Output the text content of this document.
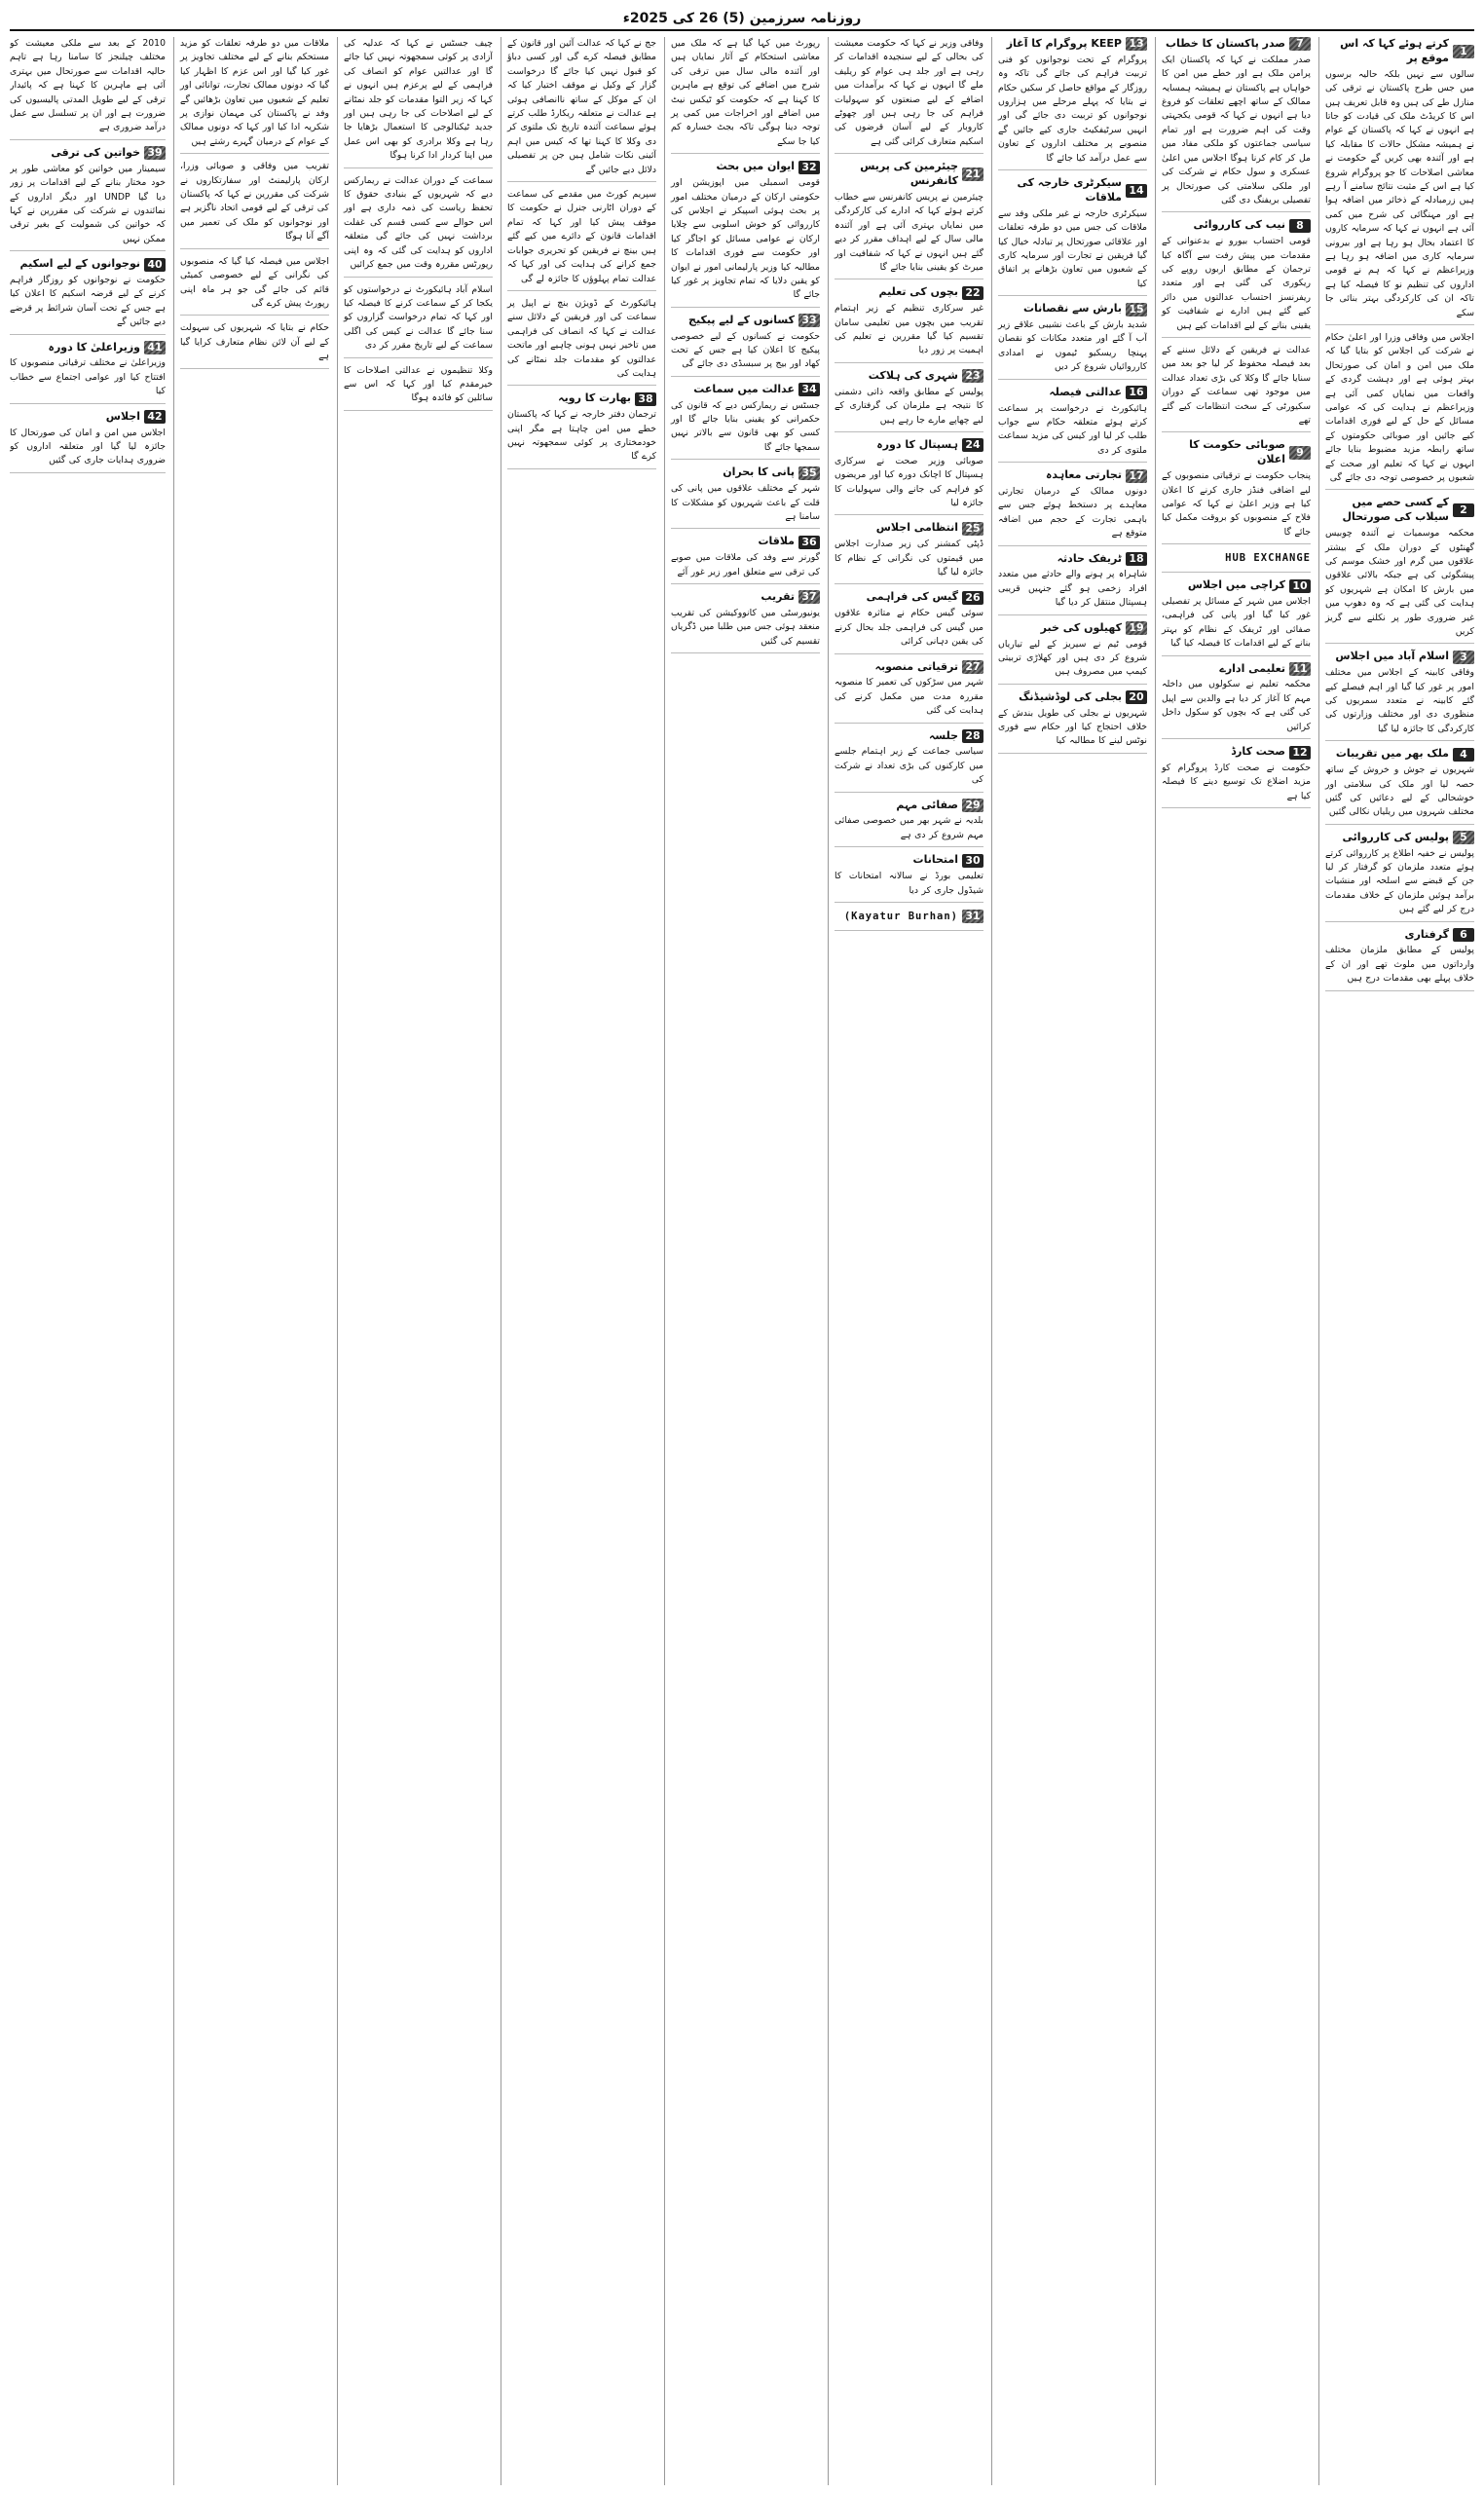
روزنامہ سرزمین (5) 26 کی 2025ء
1
کرتے ہوئے کہا کہ اس موقع پر
سالوں سے نہیں بلکہ حالیہ برسوں میں جس طرح پاکستان نے ترقی کی منازل طے کی ہیں وہ قابل تعریف ہیں اس کا کریڈٹ ملک کی قیادت کو جاتا ہے انہوں نے کہا کہ پاکستان کے عوام نے ہمیشہ مشکل حالات کا مقابلہ کیا ہے اور آئندہ بھی کریں گے حکومت نے معاشی اصلاحات کا جو پروگرام شروع کیا ہے اس کے مثبت نتائج سامنے آ رہے ہیں زرمبادلہ کے ذخائر میں اضافہ ہوا ہے اور مہنگائی کی شرح میں کمی آئی ہے انہوں نے کہا کہ سرمایہ کاروں کا اعتماد بحال ہو رہا ہے اور بیرونی سرمایہ کاری میں اضافہ ہو رہا ہے وزیراعظم نے کہا کہ ہم نے قومی اداروں کی تنظیم نو کا فیصلہ کیا ہے تاکہ ان کی کارکردگی بہتر بنائی جا سکے
اجلاس میں وفاقی وزرا اور اعلیٰ حکام نے شرکت کی اجلاس کو بتایا گیا کہ ملک میں امن و امان کی صورتحال بہتر ہوئی ہے اور دہشت گردی کے واقعات میں نمایاں کمی آئی ہے وزیراعظم نے ہدایت کی کہ عوامی مسائل کے حل کے لیے فوری اقدامات کیے جائیں اور صوبائی حکومتوں کے ساتھ رابطہ مزید مضبوط بنایا جائے انہوں نے کہا کہ تعلیم اور صحت کے شعبوں پر خصوصی توجہ دی جائے گی
2
کے کسی حصے میں سیلاب کی صورتحال
محکمہ موسمیات نے آئندہ چوبیس گھنٹوں کے دوران ملک کے بیشتر علاقوں میں گرم اور خشک موسم کی پیشگوئی کی ہے جبکہ بالائی علاقوں میں بارش کا امکان ہے شہریوں کو ہدایت کی گئی ہے کہ وہ دھوپ میں غیر ضروری طور پر نکلنے سے گریز کریں
3
اسلام آباد میں اجلاس
وفاقی کابینہ کے اجلاس میں مختلف امور پر غور کیا گیا اور اہم فیصلے کیے گئے کابینہ نے متعدد سمریوں کی منظوری دی اور مختلف وزارتوں کی کارکردگی کا جائزہ لیا گیا
4
ملک بھر میں تقریبات
شہریوں نے جوش و خروش کے ساتھ حصہ لیا اور ملک کی سلامتی اور خوشحالی کے لیے دعائیں کی گئیں مختلف شہروں میں ریلیاں نکالی گئیں
5
پولیس کی کارروائی
پولیس نے خفیہ اطلاع پر کارروائی کرتے ہوئے متعدد ملزمان کو گرفتار کر لیا جن کے قبضے سے اسلحہ اور منشیات برآمد ہوئیں ملزمان کے خلاف مقدمات درج کر لیے گئے ہیں
6
گرفتاری
پولیس کے مطابق ملزمان مختلف وارداتوں میں ملوث تھے اور ان کے خلاف پہلے بھی مقدمات درج ہیں
7
صدر پاکستان کا خطاب
صدر مملکت نے کہا کہ پاکستان ایک پرامن ملک ہے اور خطے میں امن کا خواہاں ہے پاکستان نے ہمیشہ ہمسایہ ممالک کے ساتھ اچھے تعلقات کو فروغ دیا ہے انہوں نے کہا کہ قومی یکجہتی وقت کی اہم ضرورت ہے اور تمام سیاسی جماعتوں کو ملکی مفاد میں مل کر کام کرنا ہوگا اجلاس میں اعلیٰ عسکری و سول حکام نے شرکت کی اور ملکی سلامتی کی صورتحال پر تفصیلی بریفنگ دی گئی
8
نیب کی کارروائی
قومی احتساب بیورو نے بدعنوانی کے مقدمات میں پیش رفت سے آگاہ کیا ترجمان کے مطابق اربوں روپے کی ریکوری کی گئی ہے اور متعدد ریفرنسز احتساب عدالتوں میں دائر کیے گئے ہیں ادارے نے شفافیت کو یقینی بنانے کے لیے اقدامات کیے ہیں
عدالت نے فریقین کے دلائل سننے کے بعد فیصلہ محفوظ کر لیا جو بعد میں سنایا جائے گا وکلا کی بڑی تعداد عدالت میں موجود تھی سماعت کے دوران سکیورٹی کے سخت انتظامات کیے گئے تھے
9
صوبائی حکومت کا اعلان
پنجاب حکومت نے ترقیاتی منصوبوں کے لیے اضافی فنڈز جاری کرنے کا اعلان کیا ہے وزیر اعلیٰ نے کہا کہ عوامی فلاح کے منصوبوں کو بروقت مکمل کیا جائے گا
HUB EXCHANGE
10
کراچی میں اجلاس
اجلاس میں شہر کے مسائل پر تفصیلی غور کیا گیا اور پانی کی فراہمی، صفائی اور ٹریفک کے نظام کو بہتر بنانے کے لیے اقدامات کا فیصلہ کیا گیا
11
تعلیمی ادارے
محکمہ تعلیم نے سکولوں میں داخلہ مہم کا آغاز کر دیا ہے والدین سے اپیل کی گئی ہے کہ بچوں کو سکول داخل کرائیں
12
صحت کارڈ
حکومت نے صحت کارڈ پروگرام کو مزید اضلاع تک توسیع دینے کا فیصلہ کیا ہے
13
KEEP پروگرام کا آغاز
پروگرام کے تحت نوجوانوں کو فنی تربیت فراہم کی جائے گی تاکہ وہ روزگار کے مواقع حاصل کر سکیں حکام نے بتایا کہ پہلے مرحلے میں ہزاروں نوجوانوں کو تربیت دی جائے گی اور انہیں سرٹیفکیٹ جاری کیے جائیں گے منصوبے پر مختلف اداروں کے تعاون سے عمل درآمد کیا جائے گا
14
سیکرٹری خارجہ کی ملاقات
سیکرٹری خارجہ نے غیر ملکی وفد سے ملاقات کی جس میں دو طرفہ تعلقات اور علاقائی صورتحال پر تبادلہ خیال کیا گیا فریقین نے تجارت اور سرمایہ کاری کے شعبوں میں تعاون بڑھانے پر اتفاق کیا
15
بارش سے نقصانات
شدید بارش کے باعث نشیبی علاقے زیر آب آ گئے اور متعدد مکانات کو نقصان پہنچا ریسکیو ٹیموں نے امدادی کارروائیاں شروع کر دیں
16
عدالتی فیصلہ
ہائیکورٹ نے درخواست پر سماعت کرتے ہوئے متعلقہ حکام سے جواب طلب کر لیا اور کیس کی مزید سماعت ملتوی کر دی
17
تجارتی معاہدہ
دونوں ممالک کے درمیان تجارتی معاہدے پر دستخط ہوئے جس سے باہمی تجارت کے حجم میں اضافہ متوقع ہے
18
ٹریفک حادثہ
شاہراہ پر ہونے والے حادثے میں متعدد افراد زخمی ہو گئے جنہیں قریبی ہسپتال منتقل کر دیا گیا
19
کھیلوں کی خبر
قومی ٹیم نے سیریز کے لیے تیاریاں شروع کر دی ہیں اور کھلاڑی تربیتی کیمپ میں مصروف ہیں
20
بجلی کی لوڈشیڈنگ
شہریوں نے بجلی کی طویل بندش کے خلاف احتجاج کیا اور حکام سے فوری نوٹس لینے کا مطالبہ کیا
وفاقی وزیر نے کہا کہ حکومت معیشت کی بحالی کے لیے سنجیدہ اقدامات کر رہی ہے اور جلد ہی عوام کو ریلیف ملے گا انہوں نے کہا کہ برآمدات میں اضافے کے لیے صنعتوں کو سہولیات فراہم کی جا رہی ہیں اور چھوٹے کاروبار کے لیے آسان قرضوں کی اسکیم متعارف کرائی گئی ہے
21
چیئرمین کی پریس کانفرنس
چیئرمین نے پریس کانفرنس سے خطاب کرتے ہوئے کہا کہ ادارے کی کارکردگی میں نمایاں بہتری آئی ہے اور آئندہ مالی سال کے لیے اہداف مقرر کر دیے گئے ہیں انہوں نے کہا کہ شفافیت اور میرٹ کو یقینی بنایا جائے گا
22
بچوں کی تعلیم
غیر سرکاری تنظیم کے زیر اہتمام تقریب میں بچوں میں تعلیمی سامان تقسیم کیا گیا مقررین نے تعلیم کی اہمیت پر زور دیا
23
شہری کی ہلاکت
پولیس کے مطابق واقعہ ذاتی دشمنی کا نتیجہ ہے ملزمان کی گرفتاری کے لیے چھاپے مارے جا رہے ہیں
24
ہسپتال کا دورہ
صوبائی وزیر صحت نے سرکاری ہسپتال کا اچانک دورہ کیا اور مریضوں کو فراہم کی جانے والی سہولیات کا جائزہ لیا
25
انتظامی اجلاس
ڈپٹی کمشنر کی زیر صدارت اجلاس میں قیمتوں کی نگرانی کے نظام کا جائزہ لیا گیا
26
گیس کی فراہمی
سوئی گیس حکام نے متاثرہ علاقوں میں گیس کی فراہمی جلد بحال کرنے کی یقین دہانی کرائی
27
ترقیاتی منصوبہ
شہر میں سڑکوں کی تعمیر کا منصوبہ مقررہ مدت میں مکمل کرنے کی ہدایت کی گئی
28
جلسہ
سیاسی جماعت کے زیر اہتمام جلسے میں کارکنوں کی بڑی تعداد نے شرکت کی
29
صفائی مہم
بلدیہ نے شہر بھر میں خصوصی صفائی مہم شروع کر دی ہے
30
امتحانات
تعلیمی بورڈ نے سالانہ امتحانات کا شیڈول جاری کر دیا
31
(Kayatur Burhan)
رپورٹ میں کہا گیا ہے کہ ملک میں معاشی استحکام کے آثار نمایاں ہیں اور آئندہ مالی سال میں ترقی کی شرح میں اضافے کی توقع ہے ماہرین کا کہنا ہے کہ حکومت کو ٹیکس نیٹ میں اضافے اور اخراجات میں کمی پر توجہ دینا ہوگی تاکہ بجٹ خسارہ کم کیا جا سکے
32
ایوان میں بحث
قومی اسمبلی میں اپوزیشن اور حکومتی ارکان کے درمیان مختلف امور پر بحث ہوئی اسپیکر نے اجلاس کی کارروائی کو خوش اسلوبی سے چلایا ارکان نے عوامی مسائل کو اجاگر کیا اور حکومت سے فوری اقدامات کا مطالبہ کیا وزیر پارلیمانی امور نے ایوان کو یقین دلایا کہ تمام تجاویز پر غور کیا جائے گا
33
کسانوں کے لیے پیکیج
حکومت نے کسانوں کے لیے خصوصی پیکیج کا اعلان کیا ہے جس کے تحت کھاد اور بیج پر سبسڈی دی جائے گی
34
عدالت میں سماعت
جسٹس نے ریمارکس دیے کہ قانون کی حکمرانی کو یقینی بنایا جائے گا اور کسی کو بھی قانون سے بالاتر نہیں سمجھا جائے گا
35
پانی کا بحران
شہر کے مختلف علاقوں میں پانی کی قلت کے باعث شہریوں کو مشکلات کا سامنا ہے
36
ملاقات
گورنر سے وفد کی ملاقات میں صوبے کی ترقی سے متعلق امور زیر غور آئے
37
تقریب
یونیورسٹی میں کانووکیشن کی تقریب منعقد ہوئی جس میں طلبا میں ڈگریاں تقسیم کی گئیں
جج نے کہا کہ عدالت آئین اور قانون کے مطابق فیصلہ کرے گی اور کسی دباؤ کو قبول نہیں کیا جائے گا درخواست گزار کے وکیل نے موقف اختیار کیا کہ ان کے موکل کے ساتھ ناانصافی ہوئی ہے عدالت نے متعلقہ ریکارڈ طلب کرتے ہوئے سماعت آئندہ تاریخ تک ملتوی کر دی وکلا کا کہنا تھا کہ کیس میں اہم آئینی نکات شامل ہیں جن پر تفصیلی دلائل دیے جائیں گے
سپریم کورٹ میں مقدمے کی سماعت کے دوران اٹارنی جنرل نے حکومت کا موقف پیش کیا اور کہا کہ تمام اقدامات قانون کے دائرے میں کیے گئے ہیں بینچ نے فریقین کو تحریری جوابات جمع کرانے کی ہدایت کی اور کہا کہ عدالت تمام پہلوؤں کا جائزہ لے گی
ہائیکورٹ کے ڈویژن بنچ نے اپیل پر سماعت کی اور فریقین کے دلائل سنے عدالت نے کہا کہ انصاف کی فراہمی میں تاخیر نہیں ہونی چاہیے اور ماتحت عدالتوں کو مقدمات جلد نمٹانے کی ہدایت کی
38
بھارت کا رویہ
ترجمان دفتر خارجہ نے کہا کہ پاکستان خطے میں امن چاہتا ہے مگر اپنی خودمختاری پر کوئی سمجھوتہ نہیں کرے گا
چیف جسٹس نے کہا کہ عدلیہ کی آزادی پر کوئی سمجھوتہ نہیں کیا جائے گا اور عدالتیں عوام کو انصاف کی فراہمی کے لیے پرعزم ہیں انہوں نے کہا کہ زیر التوا مقدمات کو جلد نمٹانے کے لیے اصلاحات کی جا رہی ہیں اور جدید ٹیکنالوجی کا استعمال بڑھایا جا رہا ہے وکلا برادری کو بھی اس عمل میں اپنا کردار ادا کرنا ہوگا
سماعت کے دوران عدالت نے ریمارکس دیے کہ شہریوں کے بنیادی حقوق کا تحفظ ریاست کی ذمہ داری ہے اور اس حوالے سے کسی قسم کی غفلت برداشت نہیں کی جائے گی متعلقہ اداروں کو ہدایت کی گئی کہ وہ اپنی رپورٹس مقررہ وقت میں جمع کرائیں
اسلام آباد ہائیکورٹ نے درخواستوں کو یکجا کر کے سماعت کرنے کا فیصلہ کیا اور کہا کہ تمام درخواست گزاروں کو سنا جائے گا عدالت نے کیس کی اگلی سماعت کے لیے تاریخ مقرر کر دی
وکلا تنظیموں نے عدالتی اصلاحات کا خیرمقدم کیا اور کہا کہ اس سے سائلین کو فائدہ ہوگا
ملاقات میں دو طرفہ تعلقات کو مزید مستحکم بنانے کے لیے مختلف تجاویز پر غور کیا گیا اور اس عزم کا اظہار کیا گیا کہ دونوں ممالک تجارت، توانائی اور تعلیم کے شعبوں میں تعاون بڑھائیں گے وفد نے پاکستان کی مہمان نوازی پر شکریہ ادا کیا اور کہا کہ دونوں ممالک کے عوام کے درمیان گہرے رشتے ہیں
تقریب میں وفاقی و صوبائی وزرا، ارکان پارلیمنٹ اور سفارتکاروں نے شرکت کی مقررین نے کہا کہ پاکستان کی ترقی کے لیے قومی اتحاد ناگزیر ہے اور نوجوانوں کو ملک کی تعمیر میں آگے آنا ہوگا
اجلاس میں فیصلہ کیا گیا کہ منصوبوں کی نگرانی کے لیے خصوصی کمیٹی قائم کی جائے گی جو ہر ماہ اپنی رپورٹ پیش کرے گی
حکام نے بتایا کہ شہریوں کی سہولت کے لیے آن لائن نظام متعارف کرایا گیا ہے
2010 کے بعد سے ملکی معیشت کو مختلف چیلنجز کا سامنا رہا ہے تاہم حالیہ اقدامات سے صورتحال میں بہتری آئی ہے ماہرین کا کہنا ہے کہ پائیدار ترقی کے لیے طویل المدتی پالیسیوں کی ضرورت ہے اور ان پر تسلسل سے عمل درآمد ضروری ہے
39
خواتین کی ترقی
سیمینار میں خواتین کو معاشی طور پر خود مختار بنانے کے لیے اقدامات پر زور دیا گیا UNDP اور دیگر اداروں کے نمائندوں نے شرکت کی مقررین نے کہا کہ خواتین کی شمولیت کے بغیر ترقی ممکن نہیں
40
نوجوانوں کے لیے اسکیم
حکومت نے نوجوانوں کو روزگار فراہم کرنے کے لیے قرضہ اسکیم کا اعلان کیا ہے جس کے تحت آسان شرائط پر قرضے دیے جائیں گے
41
وزیراعلیٰ کا دورہ
وزیراعلیٰ نے مختلف ترقیاتی منصوبوں کا افتتاح کیا اور عوامی اجتماع سے خطاب کیا
42
اجلاس
اجلاس میں امن و امان کی صورتحال کا جائزہ لیا گیا اور متعلقہ اداروں کو ضروری ہدایات جاری کی گئیں
